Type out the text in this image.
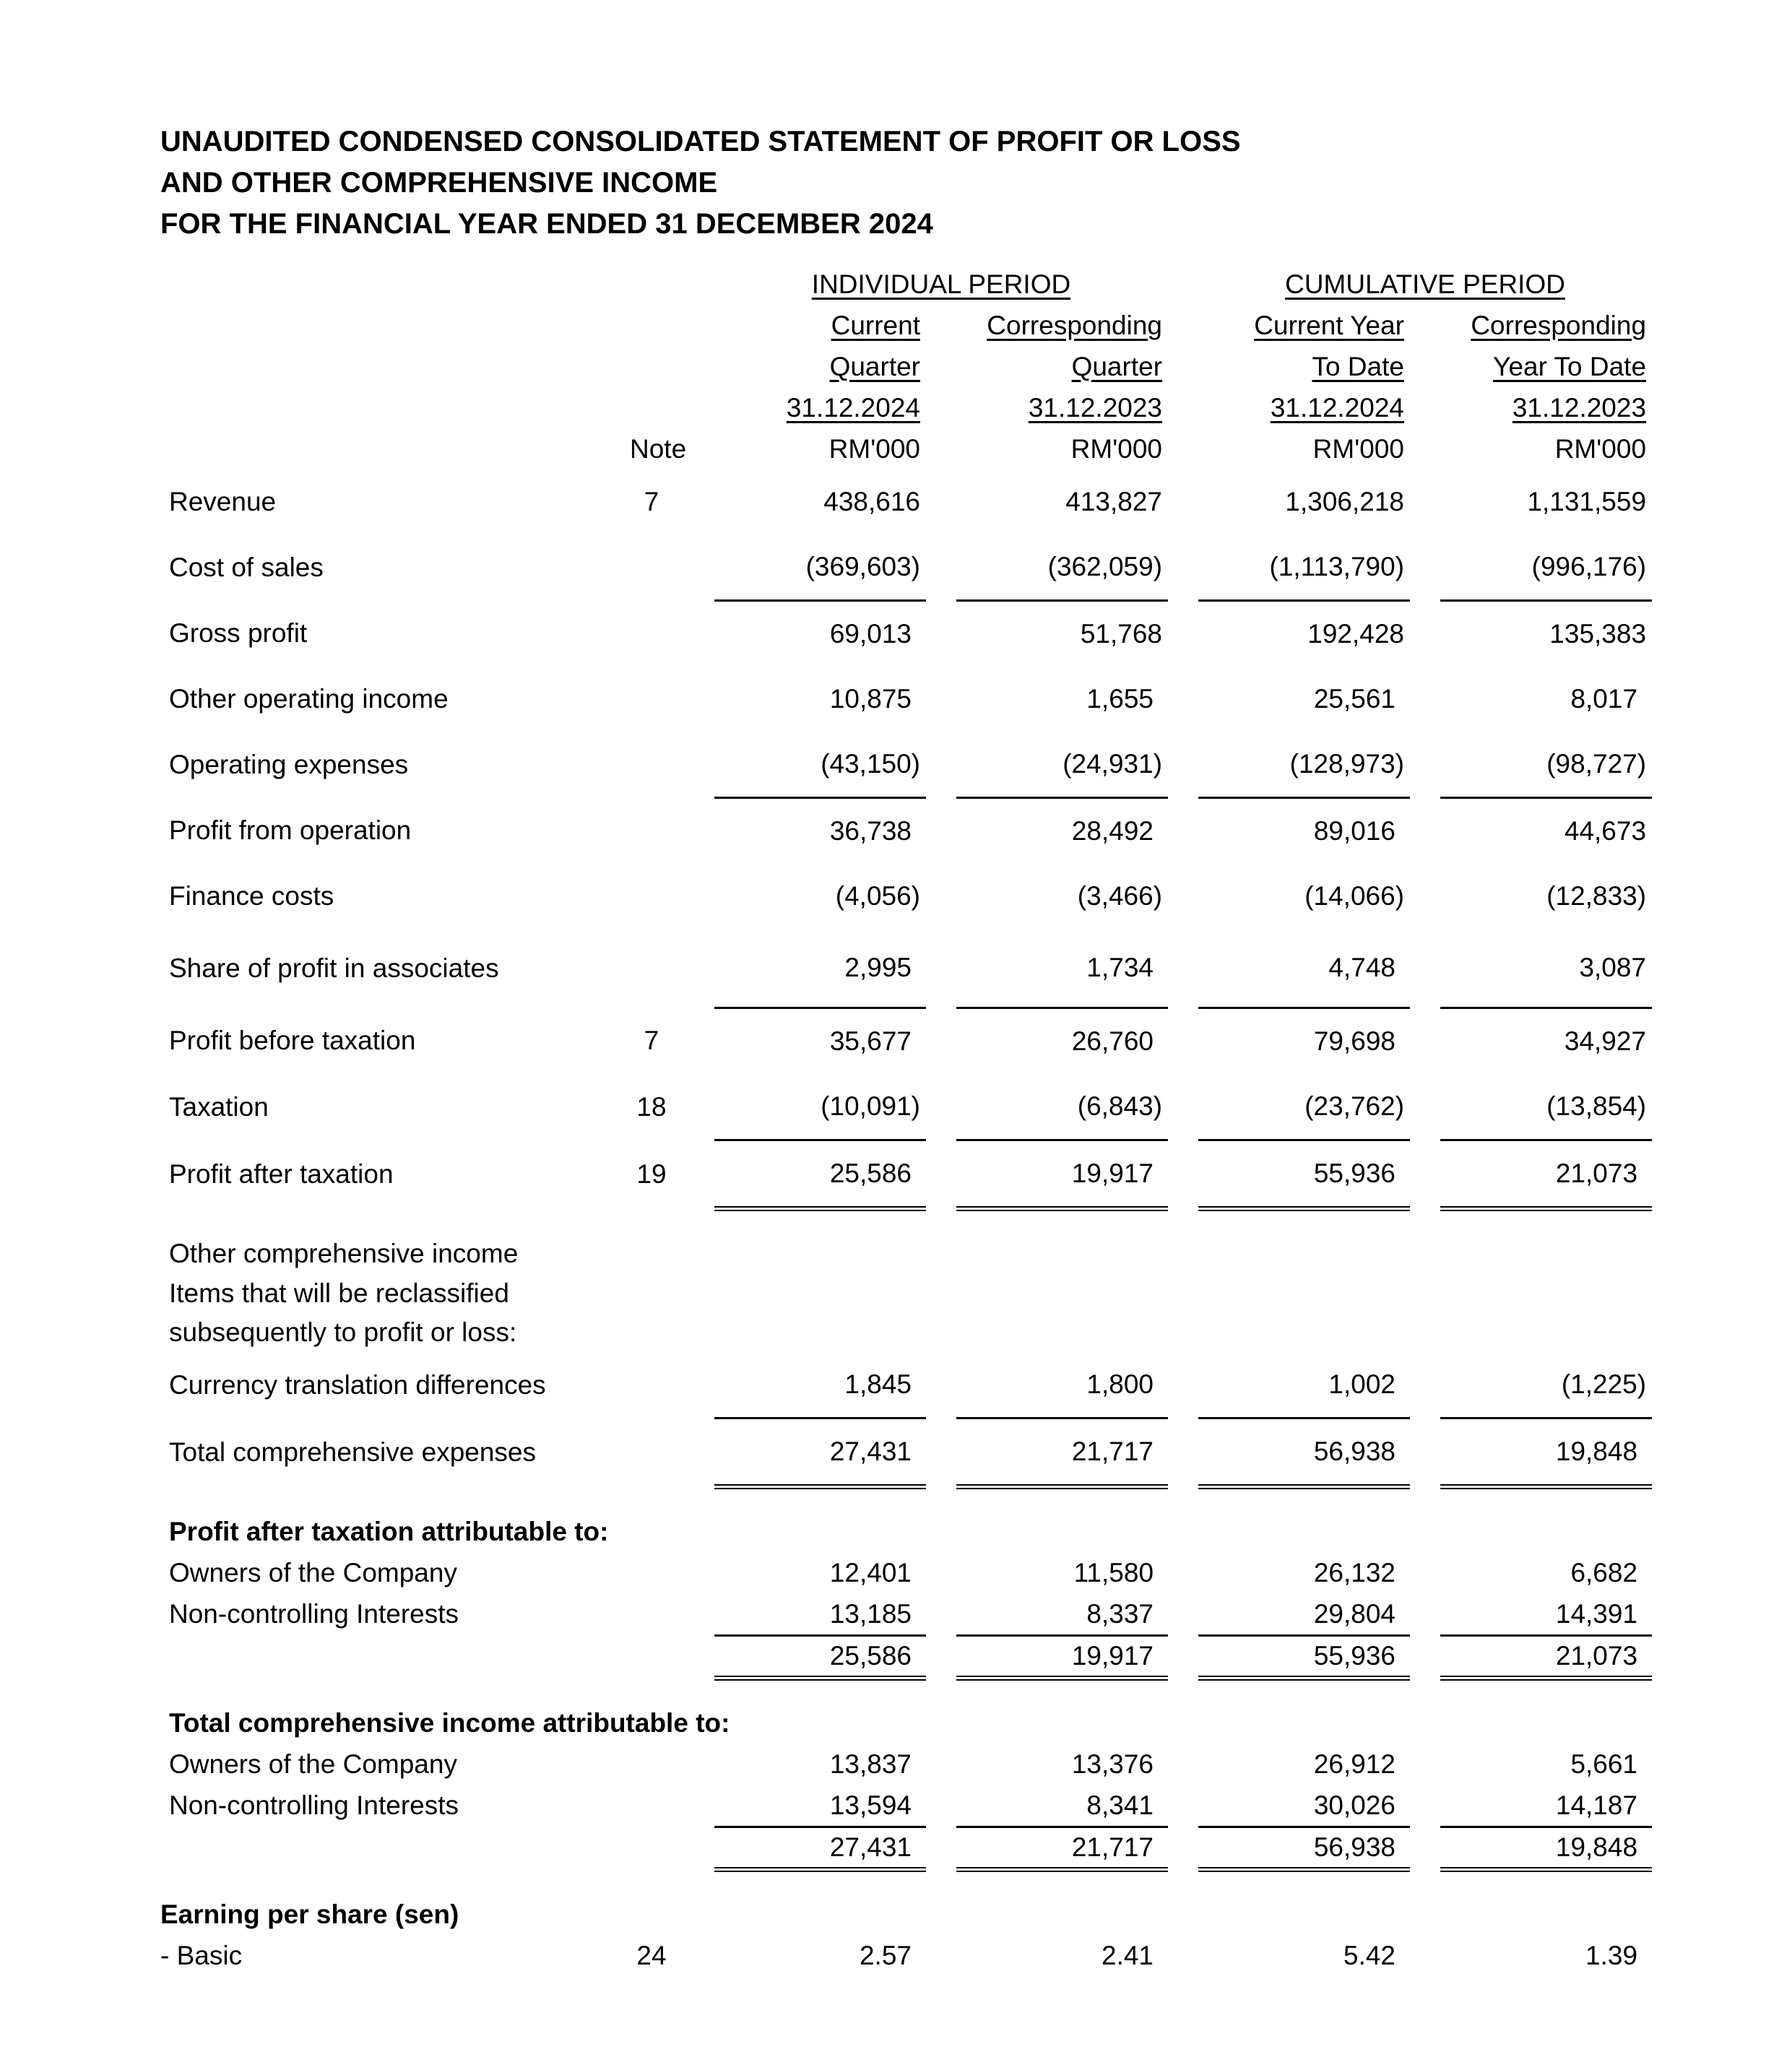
UNAUDITED CONDENSED CONSOLIDATED STATEMENT OF PROFIT OR LOSS
AND OTHER COMPREHENSIVE INCOME
FOR THE FINANCIAL YEAR ENDED 31 DECEMBER 2024
			INDIVIDUAL PERIOD				CUMULATIVE PERIOD		
			Current		Corresponding		Current Year		Corresponding
			Quarter		Quarter		To Date		Year To Date
			31.12.2024		31.12.2023		31.12.2024		31.12.2023
	Note		RM'000		RM'000		RM'000		RM'000
Revenue	7		438,616		413,827		1,306,218		1,131,559
Cost of sales			(369,603)		(362,059)		(1,113,790)		(996,176)
Gross profit			69,013		51,768		192,428		135,383
Other operating income			10,875		1,655		25,561		8,017
Operating expenses			(43,150)		(24,931)		(128,973)		(98,727)
Profit from operation			36,738		28,492		89,016		44,673
Finance costs			(4,056)		(3,466)		(14,066)		(12,833)
Share of profit in associates			2,995		1,734		4,748		3,087
Profit before taxation	7		35,677		26,760		79,698		34,927
Taxation	18		(10,091)		(6,843)		(23,762)		(13,854)
Profit after taxation	19		25,586		19,917		55,936		21,073

Other comprehensive income									
Items that will be reclassified									
subsequently to profit or loss:									
Currency translation differences			1,845		1,800		1,002		(1,225)
Total comprehensive expenses			27,431		21,717		56,938		19,848

Profit after taxation attributable to:									
Owners of the Company			12,401		11,580		26,132		6,682
Non-controlling Interests			13,185		8,337		29,804		14,391
			25,586		19,917		55,936		21,073

Total comprehensive income attributable to:									
Owners of the Company			13,837		13,376		26,912		5,661
Non-controlling Interests			13,594		8,341		30,026		14,187
			27,431		21,717		56,938		19,848

Earning per share (sen)									
- Basic	24		2.57		2.41		5.42		1.39
